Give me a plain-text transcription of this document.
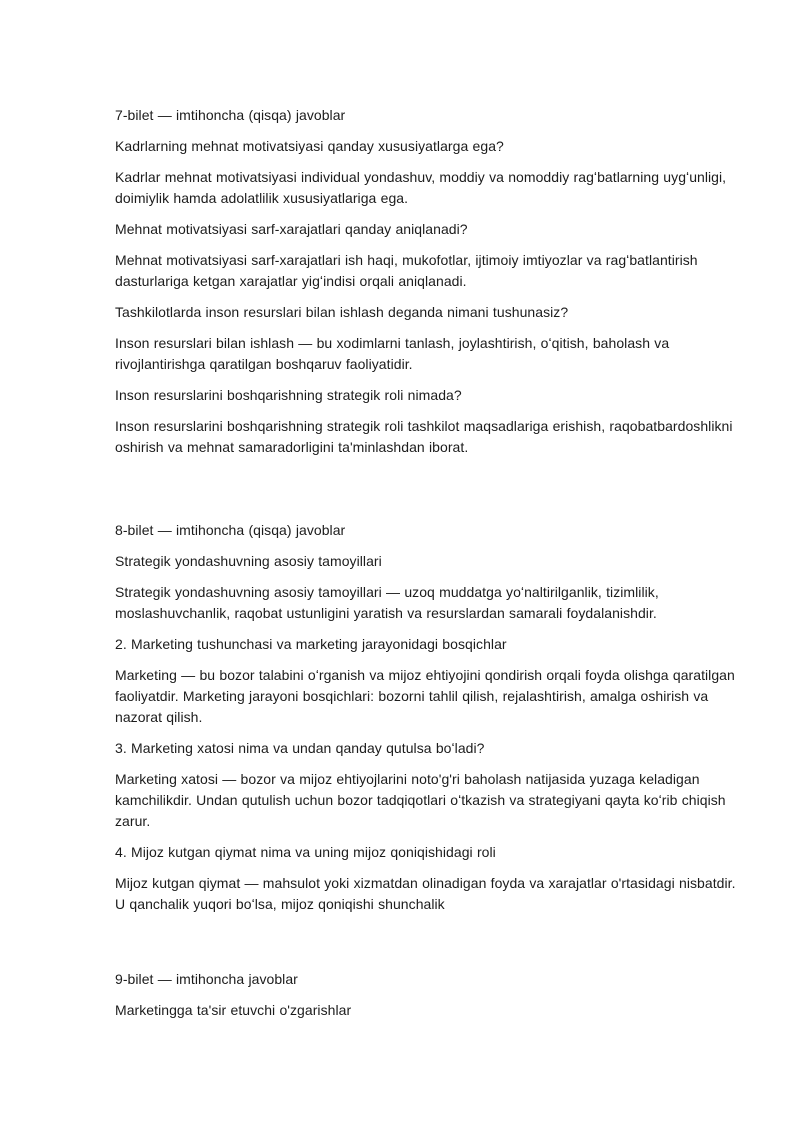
7-bilet — imtihoncha (qisqa) javoblar

Kadrlarning mehnat motivatsiyasi qanday xususiyatlarga ega?

Kadrlar mehnat motivatsiyasi individual yondashuv, moddiy va nomoddiy ragʻbatlarning uygʻunligi, doimiylik hamda adolatlilik xususiyatlariga ega.

Mehnat motivatsiyasi sarf-xarajatlari qanday aniqlanadi?

Mehnat motivatsiyasi sarf-xarajatlari ish haqi, mukofotlar, ijtimoiy imtiyozlar va ragʻbatlantirish dasturlariga ketgan xarajatlar yigʻindisi orqali aniqlanadi.

Tashkilotlarda inson resurslari bilan ishlash deganda nimani tushunasiz?

Inson resurslari bilan ishlash — bu xodimlarni tanlash, joylashtirish, oʻqitish, baholash va rivojlantirishga qaratilgan boshqaruv faoliyatidir.

Inson resurslarini boshqarishning strategik roli nimada?

Inson resurslarini boshqarishning strategik roli tashkilot maqsadlariga erishish, raqobatbardoshlikni oshirish va mehnat samaradorligini ta'minlashdan iborat.

8-bilet — imtihoncha (qisqa) javoblar

Strategik yondashuvning asosiy tamoyillari

Strategik yondashuvning asosiy tamoyillari — uzoq muddatga yoʻnaltirilganlik, tizimlilik, moslashuvchanlik, raqobat ustunligini yaratish va resurslardan samarali foydalanishdir.

2. Marketing tushunchasi va marketing jarayonidagi bosqichlar

Marketing — bu bozor talabini oʻrganish va mijoz ehtiyojini qondirish orqali foyda olishga qaratilgan faoliyatdir. Marketing jarayoni bosqichlari: bozorni tahlil qilish, rejalashtirish, amalga oshirish va nazorat qilish.

3. Marketing xatosi nima va undan qanday qutulsa boʻladi?

Marketing xatosi — bozor va mijoz ehtiyojlarini noto'g'ri baholash natijasida yuzaga keladigan kamchilikdir. Undan qutulish uchun bozor tadqiqotlari oʻtkazish va strategiyani qayta koʻrib chiqish zarur.

4. Mijoz kutgan qiymat nima va uning mijoz qoniqishidagi roli

Mijoz kutgan qiymat — mahsulot yoki xizmatdan olinadigan foyda va xarajatlar o'rtasidagi nisbatdir. U qanchalik yuqori boʻlsa, mijoz qoniqishi shunchalik

9-bilet — imtihoncha javoblar

Marketingga ta'sir etuvchi o'zgarishlar
